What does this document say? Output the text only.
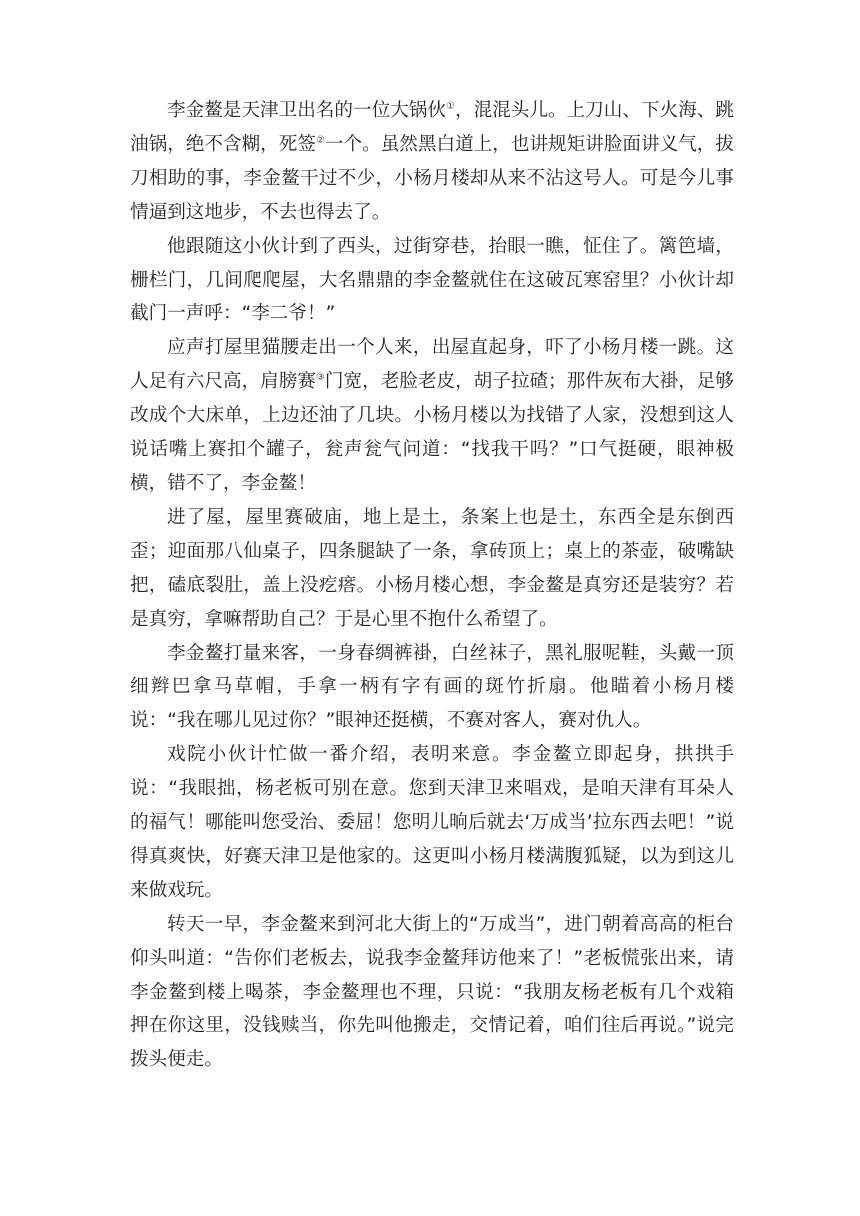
李金鳌是天津卫出名的一位大锅伙①，混混头儿。上刀山、下火海、跳油锅，绝不含糊，死签②一个。虽然黑白道上，也讲规矩讲脸面讲义气，拔刀相助的事，李金鳌干过不少，小杨月楼却从来不沾这号人。可是今儿事情逼到这地步，不去也得去了。

他跟随这小伙计到了西头，过街穿巷，抬眼一瞧，怔住了。篱笆墙，栅栏门，几间爬爬屋，大名鼎鼎的李金鳌就住在这破瓦寒窑里？小伙计却截门一声呼：“李二爷！”

应声打屋里猫腰走出一个人来，出屋直起身，吓了小杨月楼一跳。这人足有六尺高，肩膀赛③门宽，老脸老皮，胡子拉碴；那件灰布大褂，足够改成个大床单，上边还油了几块。小杨月楼以为找错了人家，没想到这人说话嘴上赛扣个罐子，瓮声瓮气问道：“找我干吗？”口气挺硬，眼神极横，错不了，李金鳌！

进了屋，屋里赛破庙，地上是土，条案上也是土，东西全是东倒西歪；迎面那八仙桌子，四条腿缺了一条，拿砖顶上；桌上的茶壶，破嘴缺把，磕底裂肚，盖上没疙瘩。小杨月楼心想，李金鳌是真穷还是装穷？若是真穷，拿嘛帮助自己？于是心里不抱什么希望了。

李金鳌打量来客，一身春绸裤褂，白丝袜子，黑礼服呢鞋，头戴一顶细辫巴拿马草帽，手拿一柄有字有画的斑竹折扇。他瞄着小杨月楼说：“我在哪儿见过你？”眼神还挺横，不赛对客人，赛对仇人。

戏院小伙计忙做一番介绍，表明来意。李金鳌立即起身，拱拱手说：“我眼拙，杨老板可别在意。您到天津卫来唱戏，是咱天津有耳朵人的福气！哪能叫您受治、委屈！您明儿晌后就去‘万成当’拉东西去吧！”说得真爽快，好赛天津卫是他家的。这更叫小杨月楼满腹狐疑，以为到这儿来做戏玩。

转天一早，李金鳌来到河北大街上的“万成当”，进门朝着高高的柜台仰头叫道：“告你们老板去，说我李金鳌拜访他来了！”老板慌张出来，请李金鳌到楼上喝茶，李金鳌理也不理，只说：“我朋友杨老板有几个戏箱押在你这里，没钱赎当，你先叫他搬走，交情记着，咱们往后再说。”说完拨头便走。
